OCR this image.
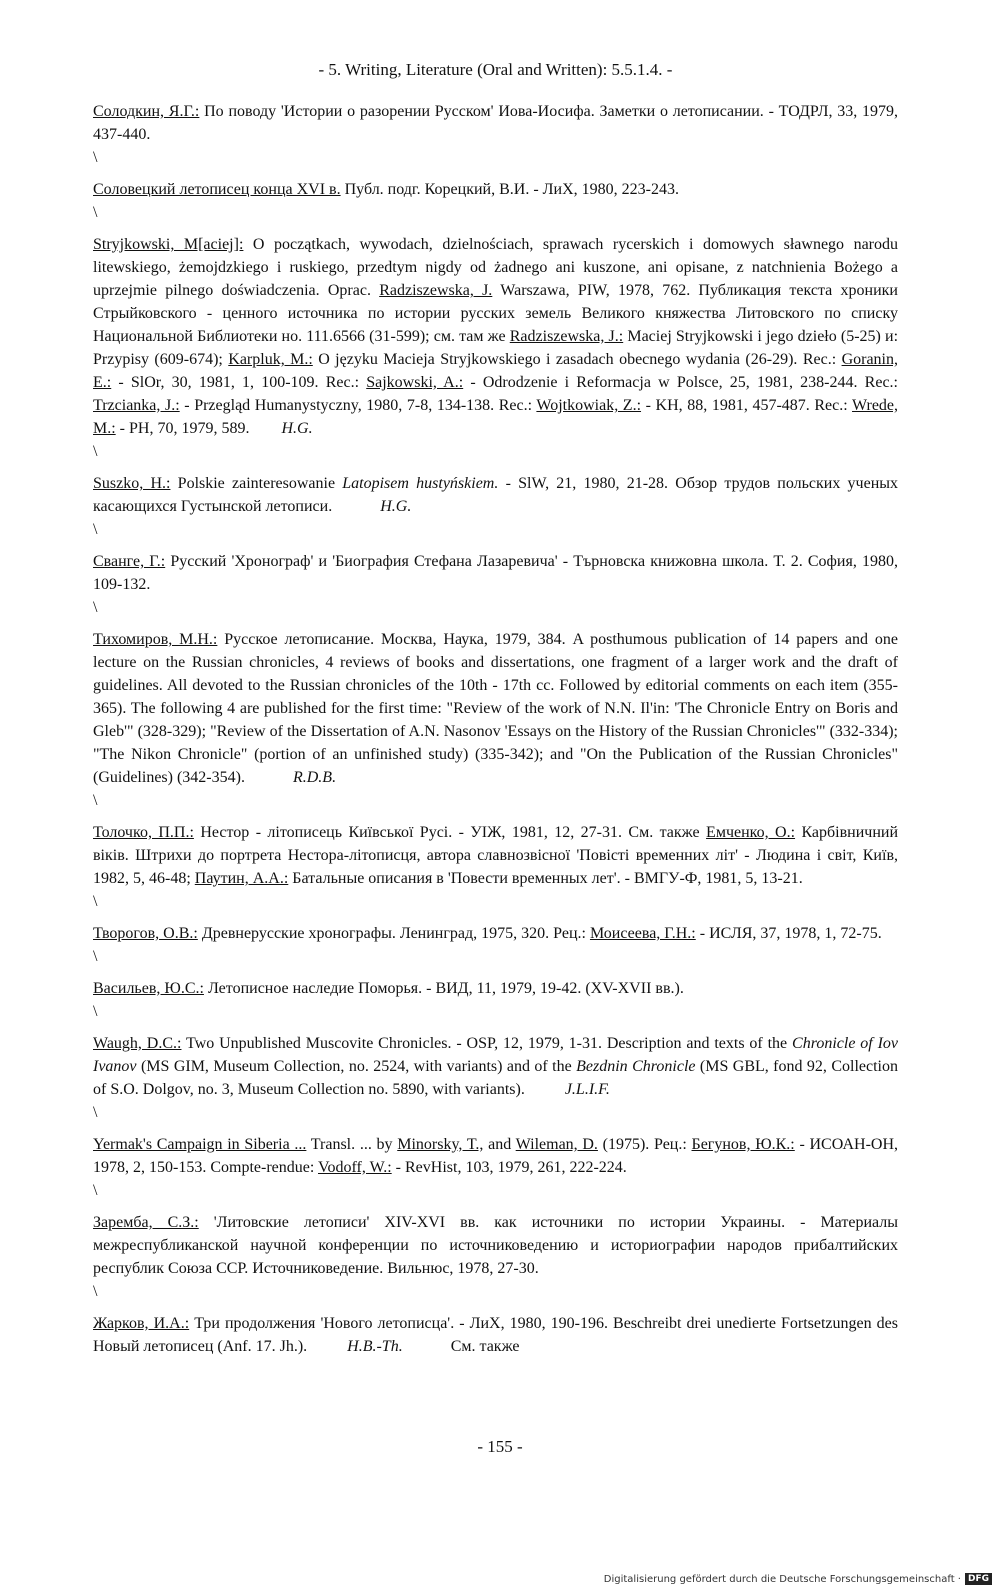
- 5. Writing, Literature (Oral and Written): 5.5.1.4. -

Солодкин, Я.Г.: По поводу 'Истории о разорении Русском' Иова-Иосифа. Заметки о летописании. - ТОДРЛ, 33, 1979, 437-440.

\

Соловецкий летописец конца XVI в. Публ. подг. Корецкий, В.И. - ЛиХ, 1980, 223-243.

\

Stryjkowski, M[aciej]: O początkach, wywodach, dzielnościach, sprawach rycerskich i domowych sławnego narodu litewskiego, żemojdzkiego i ruskiego, przedtym nigdy od żadnego ani kuszone, ani opisane, z natchnienia Bożego a uprzejmie pilnego doświadczenia. Oprac. Radziszewska, J. Warszawa, PIW, 1978, 762. Публикация текста хроники Стрыйковского - ценного источника по истории русских земель Великого княжества Литовского по списку Национальной Библиотеки но. 111.6566 (31-599); см. там же Radziszewska, J.: Maciej Stryjkowski i jego dzieło (5-25) и: Przypisy (609-674); Karpluk, M.: O języku Macieja Stryjkowskiego i zasadach obecnego wydania (26-29). Rec.: Goranin, E.: - SlOr, 30, 1981, 1, 100-109. Rec.: Sajkowski, A.: - Odrodzenie i Reformacja w Polsce, 25, 1981, 238-244. Rec.: Trzcianka, J.: - Przegląd Humanystyczny, 1980, 7-8, 134-138. Rec.: Wojtkowiak, Z.: - KH, 88, 1981, 457-487. Rec.: Wrede, M.: - PH, 70, 1979, 589. H.G.

\

Suszko, H.: Polskie zainteresowanie Latopisem hustyńskiem. - SlW, 21, 1980, 21-28. Обзор трудов польских ученых касающихся Густынской летописи.	H.G.

\

Сванге, Г.: Русский 'Хронограф' и 'Биография Стефана Лазаревича' - Търновска книжовна школа. Т. 2. София, 1980, 109-132.

\

Тихомиров, М.Н.: Русское летописание. Москва, Наука, 1979, 384. A posthumous publication of 14 papers and one lecture on the Russian chronicles, 4 reviews of books and dissertations, one fragment of a larger work and the draft of guidelines. All devoted to the Russian chronicles of the 10th - 17th cc. Followed by editorial comments on each item (355-365). The following 4 are published for the first time: "Review of the work of N.N. Il'in: 'The Chronicle Entry on Boris and Gleb'" (328-329); "Review of the Dissertation of A.N. Nasonov 'Essays on the History of the Russian Chronicles'" (332-334); "The Nikon Chronicle" (portion of an unfinished study) (335-342); and "On the Publication of the Russian Chronicles" (Guidelines) (342-354).	R.D.B.

\

Толочко, П.П.: Нестор - літописець Київської Русі. - УІЖ, 1981, 12, 27-31. См. также Емченко, О.: Карбівничний віків. Штрихи до портрета Нестора-літописця, автора славнозвісної 'Повісті временних літ' - Людина і світ, Київ, 1982, 5, 46-48; Паутин, А.А.: Батальные описания в 'Повести временных лет'. - ВМГУ-Ф, 1981, 5, 13-21.

\

Творогов, О.В.: Древнерусские хронографы. Ленинград, 1975, 320. Рец.: Моисеева, Г.Н.: - ИСЛЯ, 37, 1978, 1, 72-75.

\

Васильев, Ю.С.: Летописное наследие Поморья. - ВИД, 11, 1979, 19-42. (XV-XVII вв.).

\

Waugh, D.C.: Two Unpublished Muscovite Chronicles. - OSP, 12, 1979, 1-31. Description and texts of the Chronicle of Iov Ivanov (MS GIM, Museum Collection, no. 2524, with variants) and of the Bezdnin Chronicle (MS GBL, fond 92, Collection of S.O. Dolgov, no. 3, Museum Collection no. 5890, with variants).	J.L.I.F.

\

Yermak's Campaign in Siberia ... Transl. ... by Minorsky, T., and Wileman, D. (1975). Рец.: Бегунов, Ю.К.: - ИСОАН-ОН, 1978, 2, 150-153. Compte-rendue: Vodoff, W.: - RevHist, 103, 1979, 261, 222-224.

\

Заремба, С.З.: 'Литовские летописи' XIV-XVI вв. как источники по истории Украины. - Материалы межреспубликанской научной конференции по источниковедению и историографии народов прибалтийских республик Союза ССР. Источниковедение. Вильнюс, 1978, 27-30.

\

Жарков, И.А.: Три продолжения 'Нового летописца'. - ЛиХ, 1980, 190-196. Beschreibt drei unedierte Fortsetzungen des Новый летописец (Anf. 17. Jh.).	H.B.-Th.	См. также

- 155 -
Digitalisierung gefördert durch die Deutsche Forschungsgemeinschaft · DFG
